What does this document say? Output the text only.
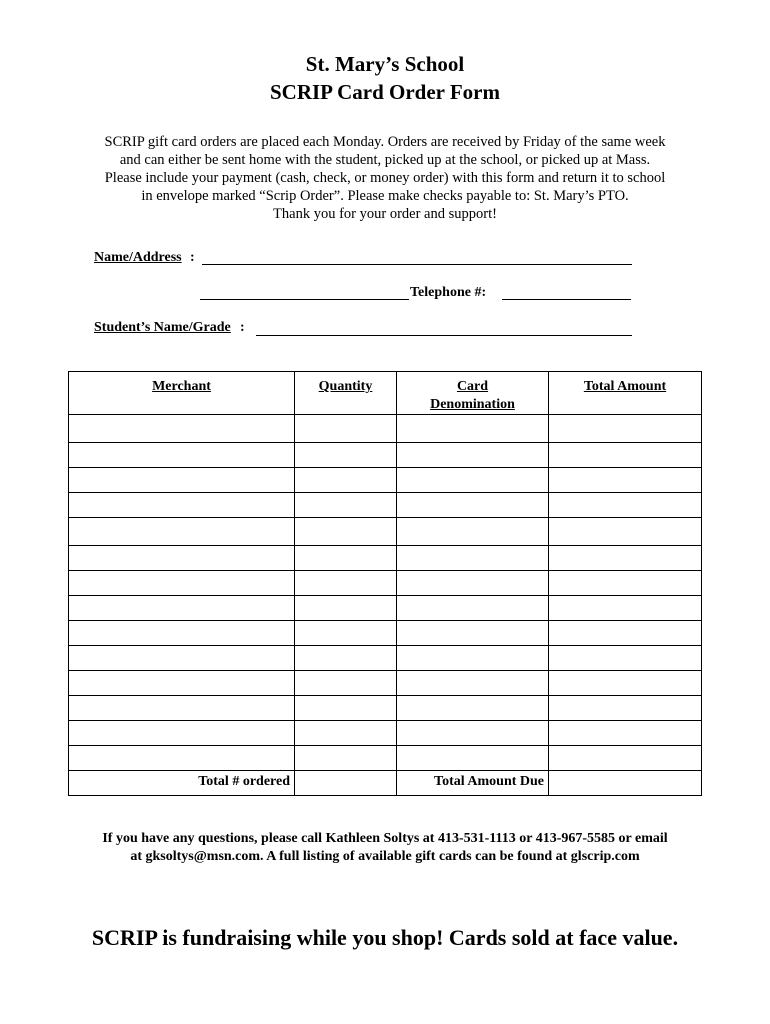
St. Mary’s School
SCRIP Card Order Form
SCRIP gift card orders are placed each Monday. Orders are received by Friday of the same week
and can either be sent home with the student, picked up at the school, or picked up at Mass.
Please include your payment (cash, check, or money order) with this form and return it to school
in envelope marked “Scrip Order”. Please make checks payable to: St. Mary’s PTO.
Thank you for your order and support!
Name/Address :
Telephone #:
Student’s Name/Grade :
Merchant	Quantity	Card
Denomination	Total Amount

Total # ordered		Total Amount Due	
If you have any questions, please call Kathleen Soltys at 413-531-1113 or 413-967-5585 or email
at gksoltys@msn.com. A full listing of available gift cards can be found at glscrip.com
SCRIP is fundraising while you shop! Cards sold at face value.
